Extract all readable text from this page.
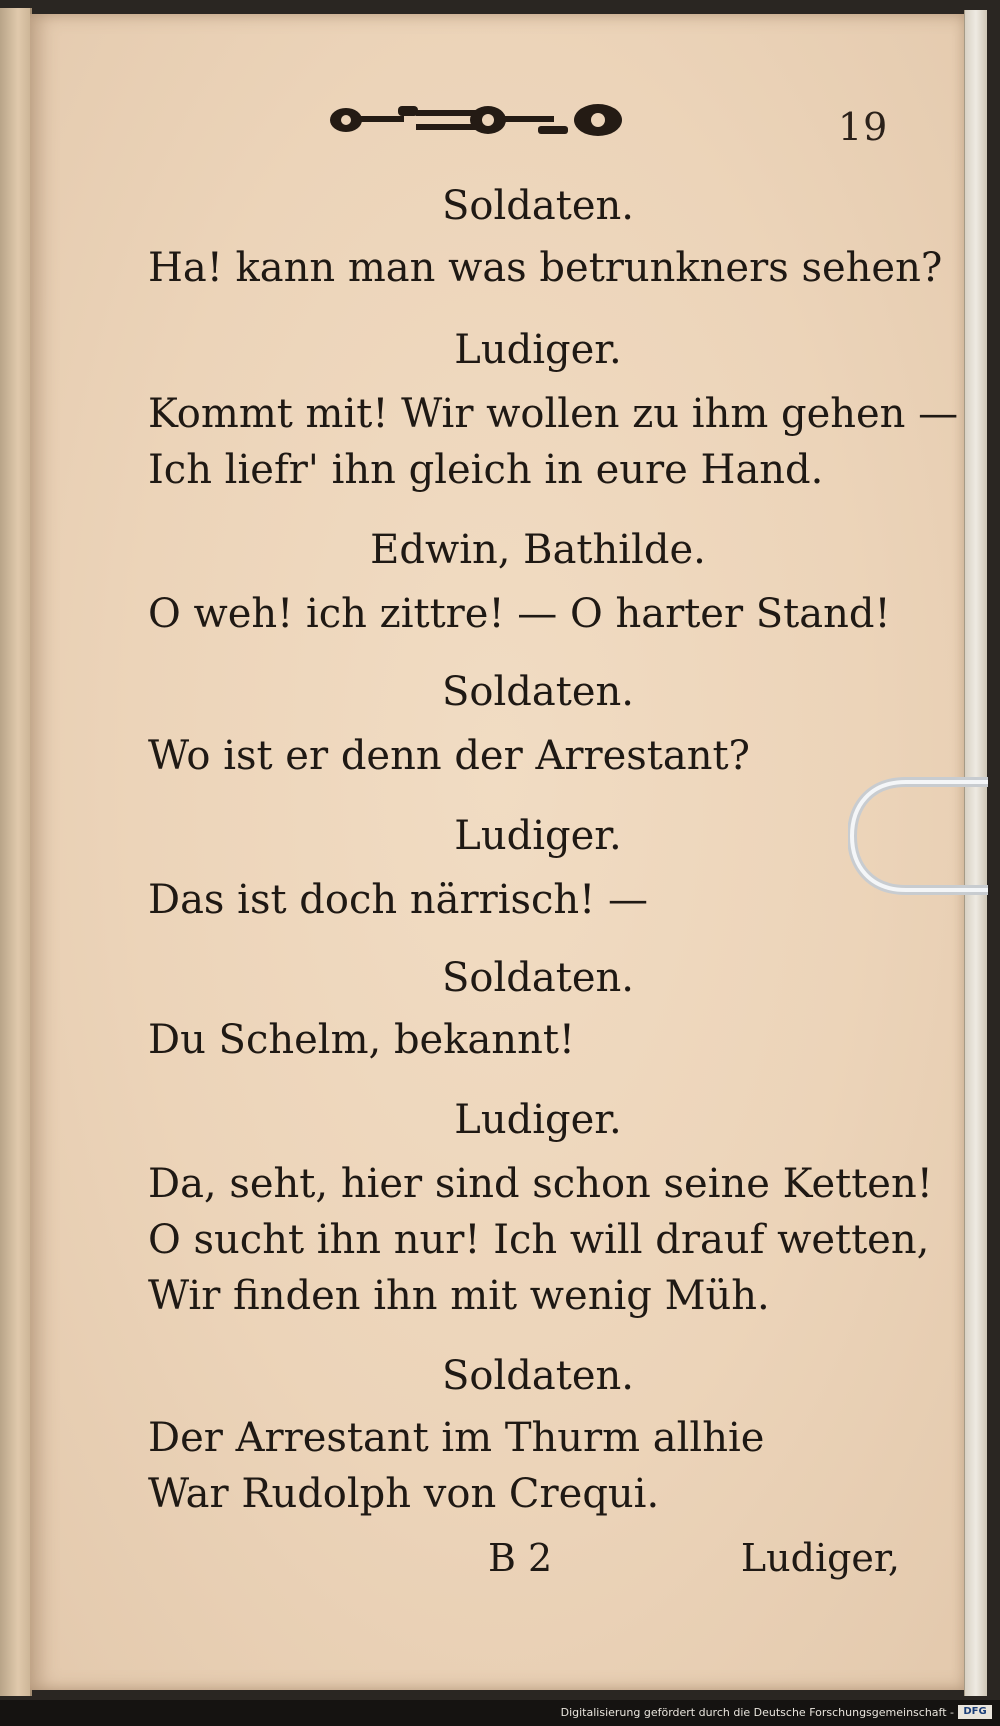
19
Soldaten.
Ha! kann man was betrunkners sehen?
Ludiger.
Kommt mit! Wir wollen zu ihm gehen —
Ich liefr' ihn gleich in eure Hand.
Edwin, Bathilde.
O weh! ich zittre! — O harter Stand!
Soldaten.
Wo ist er denn der Arrestant?
Ludiger.
Das ist doch närrisch! —
Soldaten.
Du Schelm, bekannt!
Ludiger.
Da, seht, hier sind schon seine Ketten!
O sucht ihn nur! Ich will drauf wetten,
Wir finden ihn mit wenig Müh.
Soldaten.
Der Arrestant im Thurm allhie
War Rudolph von Crequi.
B 2	Ludiger,
Digitalisierung gefördert durch die Deutsche Forschungsgemeinschaft - DFG
